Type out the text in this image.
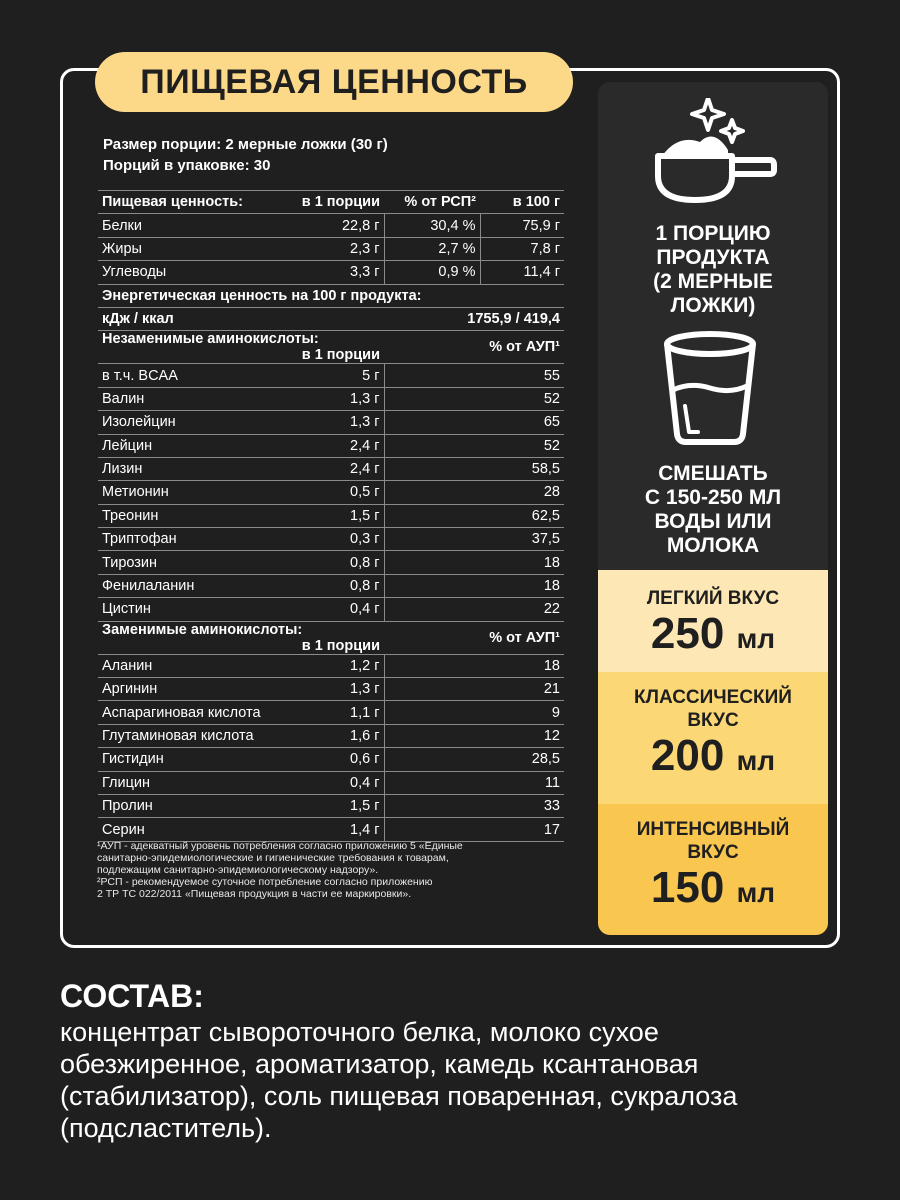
ПИЩЕВАЯ ЦЕННОСТЬ
Размер порции: 2 мерные ложки (30 г)
Порций в упаковке: 30
Пищевая ценность:	в 1 порции	% от РСП²	в 100 г
Белки	22,8 г	30,4 %	75,9 г
Жиры	2,3 г	2,7 %	7,8 г
Углеводы	3,3 г	0,9 %	11,4 г
Энергетическая ценность на 100 г продукта:			
кДж / ккал		1755,9 / 419,4	
Незаменимые аминокислоты:
в 1 порции		% от АУП¹	
в т.ч. BCAA	5 г	55	
Валин	1,3 г	52	
Изолейцин	1,3 г	65	
Лейцин	2,4 г	52	
Лизин	2,4 г	58,5	
Метионин	0,5 г	28	
Треонин	1,5 г	62,5	
Триптофан	0,3 г	37,5	
Тирозин	0,8 г	18	
Фенилаланин	0,8 г	18	
Цистин	0,4 г	22	
Заменимые аминокислоты:
в 1 порции		% от АУП¹	
Аланин	1,2 г	18	
Аргинин	1,3 г	21	
Аспарагиновая кислота	1,1 г	9	
Глутаминовая кислота	1,6 г	12	
Гистидин	0,6 г	28,5	
Глицин	0,4 г	11	
Пролин	1,5 г	33	
Серин	1,4 г	17	
¹АУП - адекватный уровень потребления согласно приложению 5 «Единые
санитарно-эпидемиологические и гигиенические требования к товарам,
подлежащим санитарно-эпидемиологическому надзору».
²РСП - рекомендуемое суточное потребление согласно приложению
2 ТР ТС 022/2011 «Пищевая продукция в части ее маркировки».
1 ПОРЦИЮ
ПРОДУКТА
(2 МЕРНЫЕ
ЛОЖКИ)
СМЕШАТЬ
С 150-250 МЛ
ВОДЫ ИЛИ
МОЛОКА
ЛЕГКИЙ ВКУС
250 мл
КЛАССИЧЕСКИЙ
ВКУС
200 мл
ИНТЕНСИВНЫЙ
ВКУС
150 мл
СОСТАВ:

концентрат сывороточного белка, молоко сухое
обезжиренное, ароматизатор, камедь ксантановая
(стабилизатор), соль пищевая поваренная, сукралоза
(подсластитель).
